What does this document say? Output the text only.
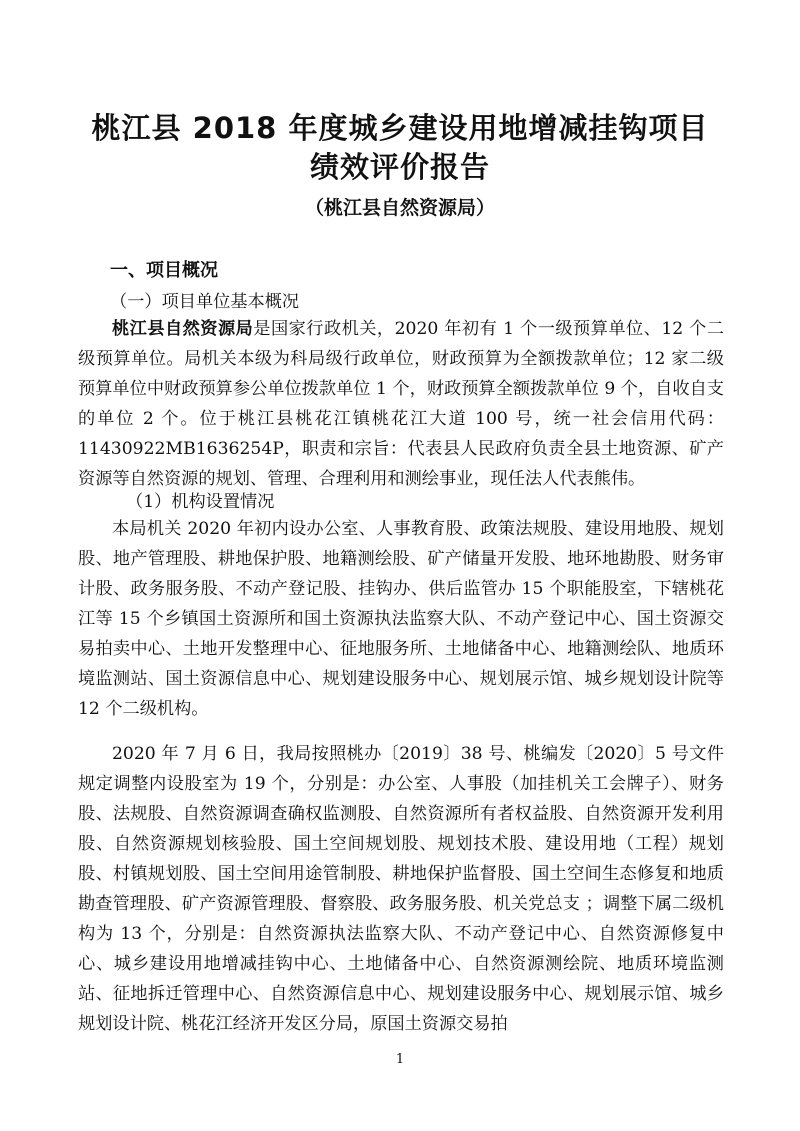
桃江县 2018 年度城乡建设用地增减挂钩项目
绩效评价报告

（桃江县自然资源局）

一、项目概况

（一）项目单位基本概况

桃江县自然资源局是国家行政机关，2020 年初有 1 个一级预算单位、12 个二级预算单位。局机关本级为科局级行政单位，财政预算为全额拨款单位；12 家二级预算单位中财政预算参公单位拨款单位 1 个，财政预算全额拨款单位 9 个，自收自支的单位 2 个。位于桃江县桃花江镇桃花江大道 100 号，统一社会信用代码：11430922MB1636254P，职责和宗旨：代表县人民政府负责全县土地资源、矿产资源等自然资源的规划、管理、合理利用和测绘事业，现任法人代表熊伟。

（1）机构设置情况

本局机关 2020 年初内设办公室、人事教育股、政策法规股、建设用地股、规划股、地产管理股、耕地保护股、地籍测绘股、矿产储量开发股、地环地勘股、财务审计股、政务服务股、不动产登记股、挂钩办、供后监管办 15 个职能股室，下辖桃花江等 15 个乡镇国土资源所和国土资源执法监察大队、不动产登记中心、国土资源交易拍卖中心、土地开发整理中心、征地服务所、土地储备中心、地籍测绘队、地质环境监测站、国土资源信息中心、规划建设服务中心、规划展示馆、城乡规划设计院等 12 个二级机构。

2020 年 7 月 6 日，我局按照桃办〔2019〕38 号、桃编发〔2020〕5 号文件规定调整内设股室为 19 个，分别是：办公室、人事股（加挂机关工会牌子）、财务股、法规股、自然资源调查确权监测股、自然资源所有者权益股、自然资源开发利用股、自然资源规划核验股、国土空间规划股、规划技术股、建设用地（工程）规划股、村镇规划股、国土空间用途管制股、耕地保护监督股、国土空间生态修复和地质勘查管理股、矿产资源管理股、督察股、政务服务股、机关党总支 ；调整下属二级机构为 13 个，分别是：自然资源执法监察大队、不动产登记中心、自然资源修复中心、城乡建设用地增减挂钩中心、土地储备中心、自然资源测绘院、地质环境监测站、征地拆迁管理中心、自然资源信息中心、规划建设服务中心、规划展示馆、城乡规划设计院、桃花江经济开发区分局，原国土资源交易拍

1
